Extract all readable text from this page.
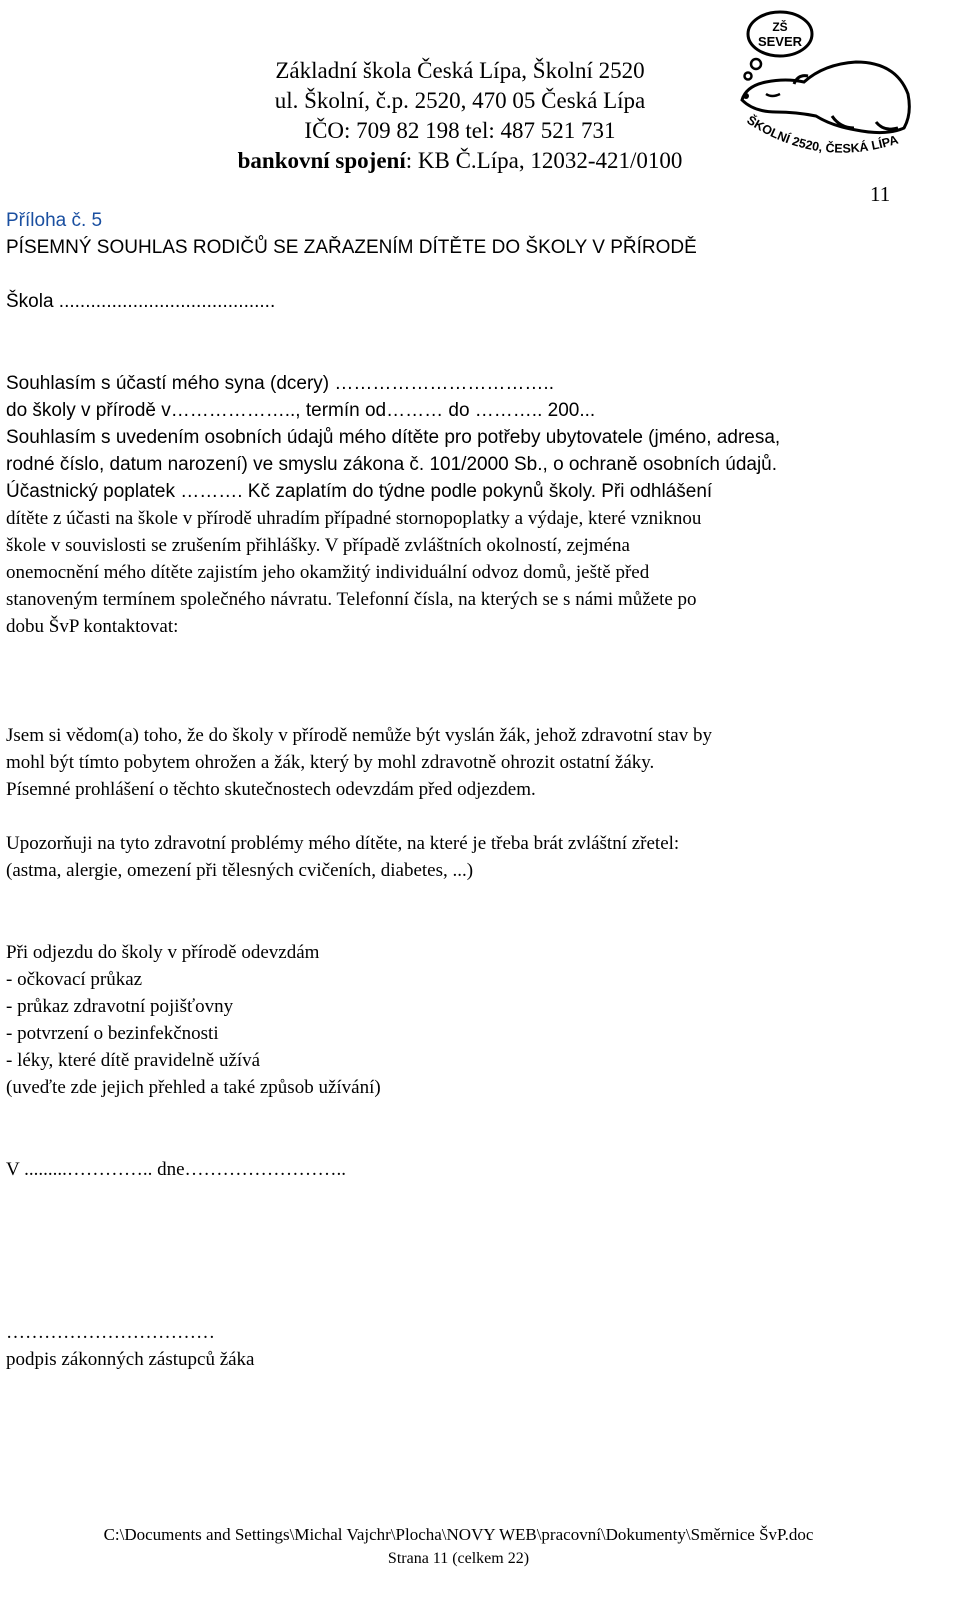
Základní škola Česká Lípa, Školní 2520
ul. Školní, č.p. 2520, 470 05 Česká Lípa
IČO: 709 82 198 tel: 487 521 731
bankovní spojení: KB Č.Lípa, 12032-421/0100
ZŠ
SEVER
ŠKOLNÍ 2520, ČESKÁ LÍPA
11
Příloha č. 5
PÍSEMNÝ SOUHLAS RODIČŮ SE ZAŘAZENÍM DÍTĚTE DO ŠKOLY V PŘÍRODĚ
Škola .........................................
Souhlasím s účastí mého syna (dcery) ……………………………..
do školy v přírodě v……………….., termín od……… do ……….. 200...
Souhlasím s uvedením osobních údajů mého dítěte pro potřeby ubytovatele (jméno, adresa,
rodné číslo, datum narození) ve smyslu zákona č. 101/2000 Sb., o ochraně osobních údajů.
Účastnický poplatek ………. Kč zaplatím do týdne podle pokynů školy. Při odhlášení
dítěte z účasti na škole v přírodě uhradím případné stornopoplatky a výdaje, které vzniknou
škole v souvislosti se zrušením přihlášky. V případě zvláštních okolností, zejména
onemocnění mého dítěte zajistím jeho okamžitý individuální odvoz domů, ještě před
stanoveným termínem společného návratu. Telefonní čísla, na kterých se s námi můžete po
dobu ŠvP kontaktovat:
Jsem si vědom(a) toho, že do školy v přírodě nemůže být vyslán žák, jehož zdravotní stav by
mohl být tímto pobytem ohrožen a žák, který by mohl zdravotně ohrozit ostatní žáky.
Písemné prohlášení o těchto skutečnostech odevzdám před odjezdem.
Upozorňuji na tyto zdravotní problémy mého dítěte, na které je třeba brát zvláštní zřetel:
(astma, alergie, omezení při tělesných cvičeních, diabetes, ...)
Při odjezdu do školy v přírodě odevzdám
- očkovací průkaz
- průkaz zdravotní pojišťovny
- potvrzení o bezinfekčnosti
- léky, které dítě pravidelně užívá
(uveďte zde jejich přehled a také způsob užívání)
V .........………….. dne……………………..
……………………………
podpis zákonných zástupců žáka
C:\Documents and Settings\Michal Vajchr\Plocha\NOVY WEB\pracovní\Dokumenty\Směrnice ŠvP.doc
Strana 11 (celkem 22)
